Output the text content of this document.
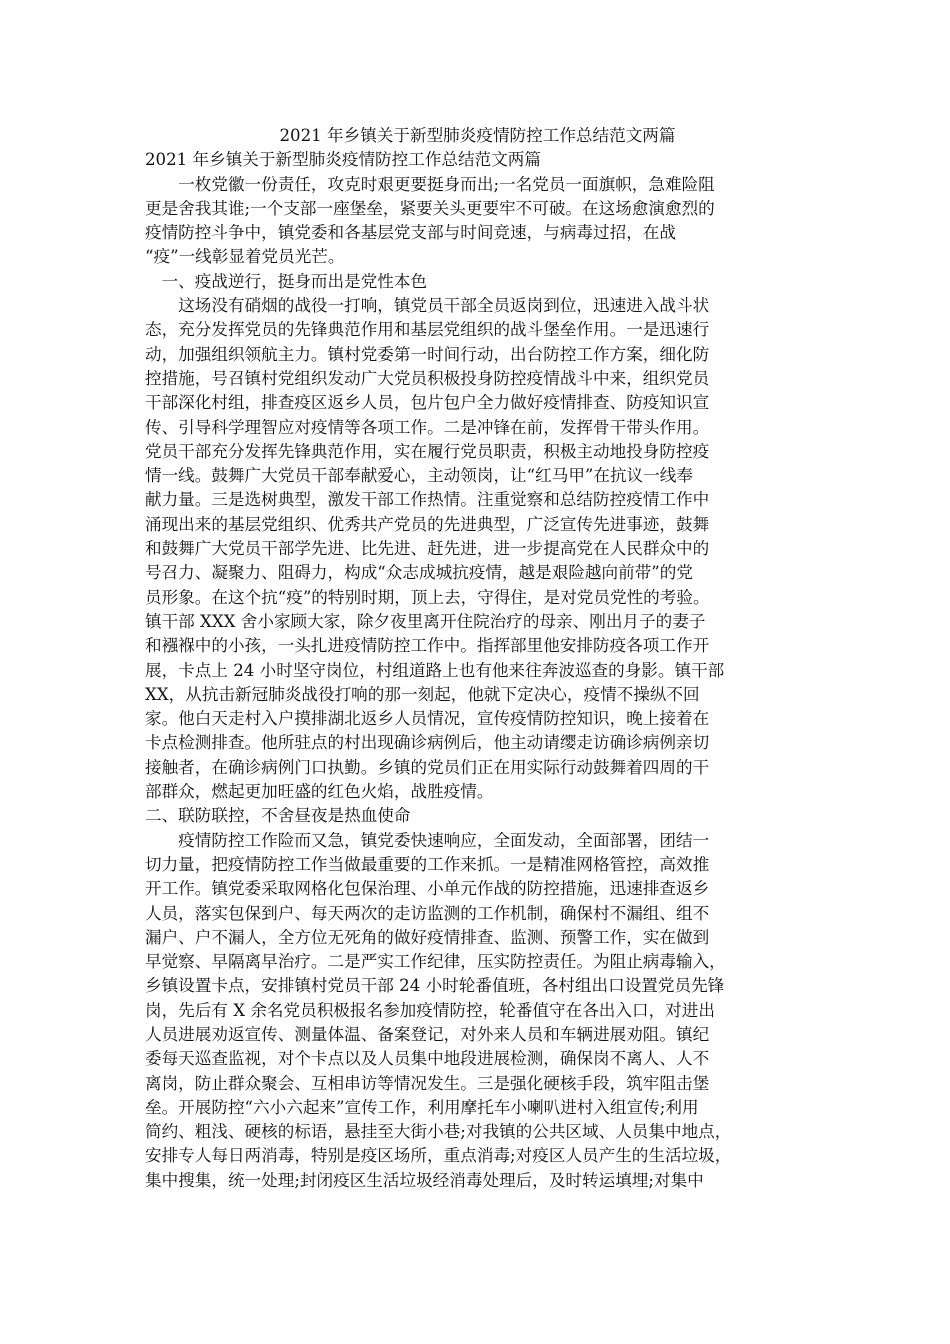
2021 年乡镇关于新型肺炎疫情防控工作总结范文两篇
2021 年乡镇关于新型肺炎疫情防控工作总结范文两篇
　　一枚党徽一份责任，攻克时艰更要挺身而出;一名党员一面旗帜，急难险阻
更是舍我其谁;一个支部一座堡垒，紧要关头更要牢不可破。在这场愈演愈烈的
疫情防控斗争中，镇党委和各基层党支部与时间竞速，与病毒过招，在战
“疫”一线彰显着党员光芒。
　一、疫战逆行，挺身而出是党性本色
　　这场没有硝烟的战役一打响，镇党员干部全员返岗到位，迅速进入战斗状
态，充分发挥党员的先锋典范作用和基层党组织的战斗堡垒作用。一是迅速行
动，加强组织领航主力。镇村党委第一时间行动，出台防控工作方案，细化防
控措施，号召镇村党组织发动广大党员积极投身防控疫情战斗中来，组织党员
干部深化村组，排查疫区返乡人员，包片包户全力做好疫情排查、防疫知识宣
传、引导科学理智应对疫情等各项工作。二是冲锋在前，发挥骨干带头作用。
党员干部充分发挥先锋典范作用，实在履行党员职责，积极主动地投身防控疫
情一线。鼓舞广大党员干部奉献爱心，主动领岗，让“红马甲”在抗议一线奉
献力量。三是选树典型，激发干部工作热情。注重觉察和总结防控疫情工作中
涌现出来的基层党组织、优秀共产党员的先进典型，广泛宣传先进事迹，鼓舞
和鼓舞广大党员干部学先进、比先进、赶先进，进一步提高党在人民群众中的
号召力、凝聚力、阻碍力，构成“众志成城抗疫情，越是艰险越向前带”的党
员形象。在这个抗“疫”的特别时期，顶上去，守得住，是对党员党性的考验。
镇干部 XXX 舍小家顾大家，除夕夜里离开住院治疗的母亲、刚出月子的妻子
和襁褓中的小孩，一头扎进疫情防控工作中。指挥部里他安排防疫各项工作开
展，卡点上 24 小时坚守岗位，村组道路上也有他来往奔波巡查的身影。镇干部
XX，从抗击新冠肺炎战役打响的那一刻起，他就下定决心，疫情不操纵不回
家。他白天走村入户摸排湖北返乡人员情况，宣传疫情防控知识，晚上接着在
卡点检测排查。他所驻点的村出现确诊病例后，他主动请缨走访确诊病例亲切
接触者，在确诊病例门口执勤。乡镇的党员们正在用实际行动鼓舞着四周的干
部群众，燃起更加旺盛的红色火焰，战胜疫情。
二、联防联控，不舍昼夜是热血使命
　　疫情防控工作险而又急，镇党委快速响应，全面发动，全面部署，团结一
切力量，把疫情防控工作当做最重要的工作来抓。一是精准网格管控，高效推
开工作。镇党委采取网格化包保治理、小单元作战的防控措施，迅速排查返乡
人员，落实包保到户、每天两次的走访监测的工作机制，确保村不漏组、组不
漏户、户不漏人，全方位无死角的做好疫情排查、监测、预警工作，实在做到
早觉察、早隔离早治疗。二是严实工作纪律，压实防控责任。为阻止病毒输入，
乡镇设置卡点，安排镇村党员干部 24 小时轮番值班，各村组出口设置党员先锋
岗，先后有 X 余名党员积极报名参加疫情防控，轮番值守在各出入口，对进出
人员进展劝返宣传、测量体温、备案登记，对外来人员和车辆进展劝阻。镇纪
委每天巡查监视，对个卡点以及人员集中地段进展检测，确保岗不离人、人不
离岗，防止群众聚会、互相串访等情况发生。三是强化硬核手段，筑牢阻击堡
垒。开展防控“六小六起来”宣传工作，利用摩托车小喇叭进村入组宣传;利用
简约、粗浅、硬核的标语，悬挂至大街小巷;对我镇的公共区域、人员集中地点，
安排专人每日两消毒，特别是疫区场所，重点消毒;对疫区人员产生的生活垃圾，
集中搜集，统一处理;封闭疫区生活垃圾经消毒处理后，及时转运填埋;对集中
